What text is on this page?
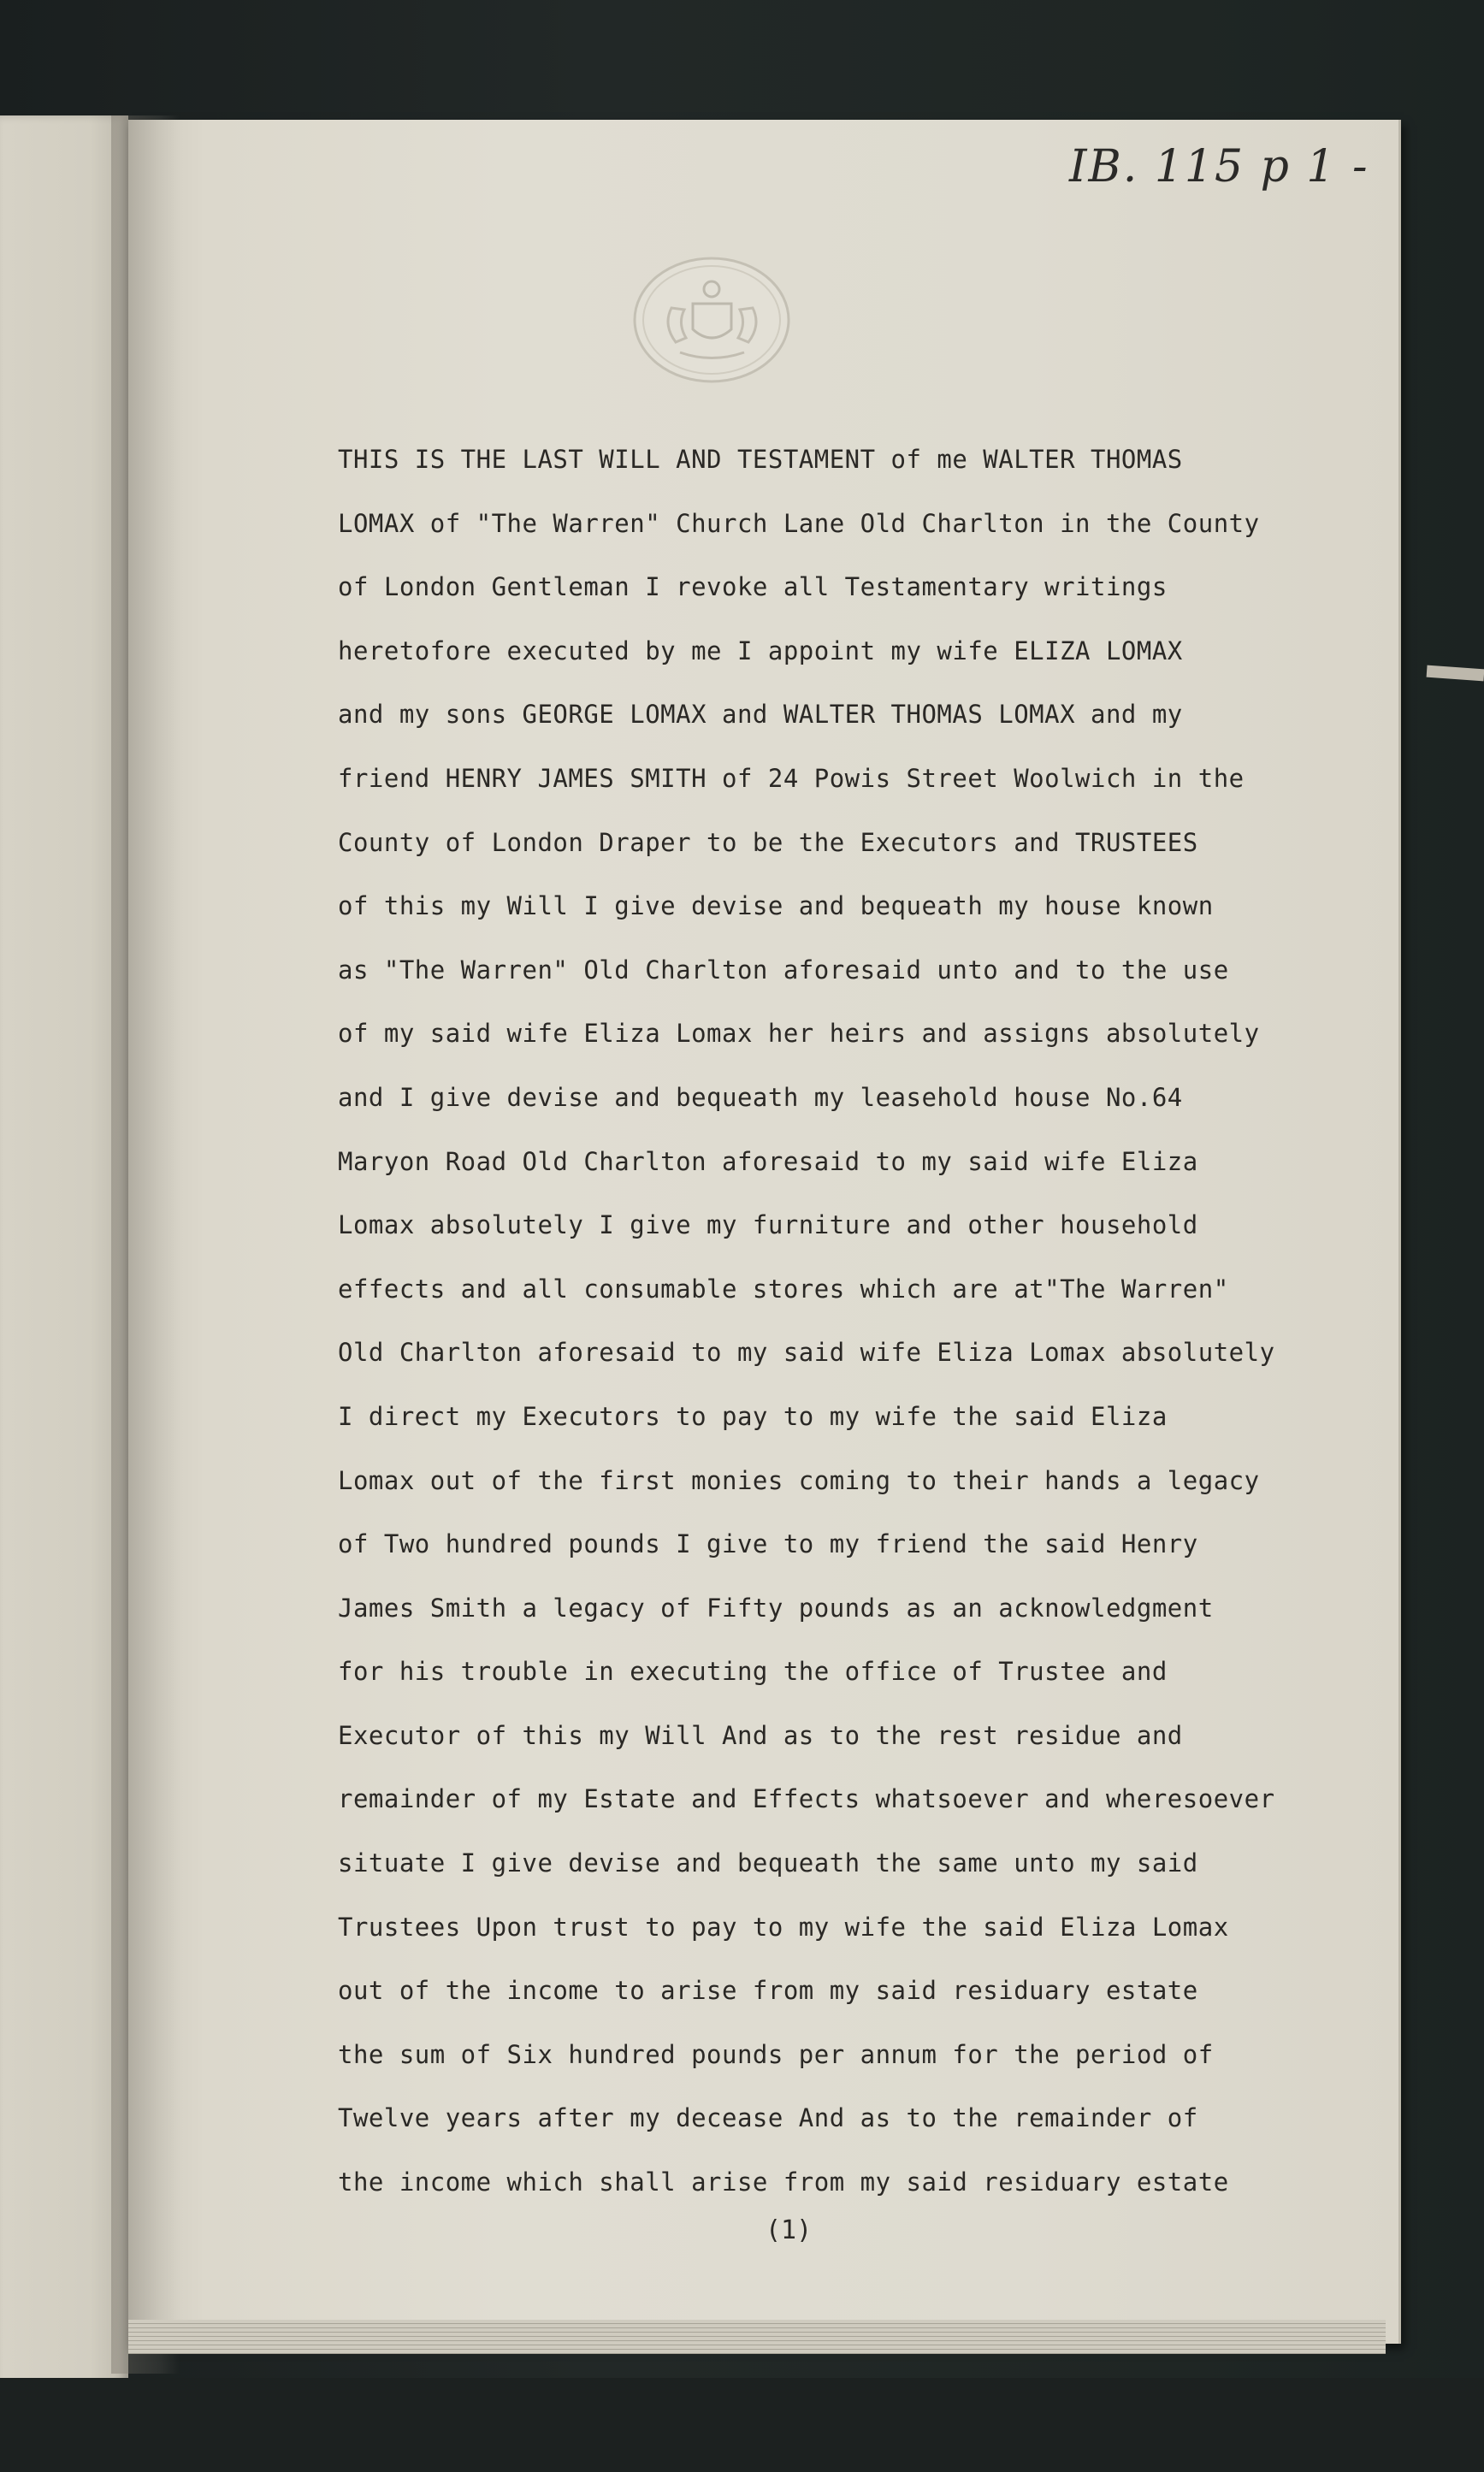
IB. 115 p 1 -
THIS IS THE LAST WILL AND TESTAMENT of me WALTER THOMAS
LOMAX of "The Warren" Church Lane Old Charlton in the County
of London Gentleman I revoke all Testamentary writings
heretofore executed by me I appoint my wife ELIZA LOMAX
and my sons GEORGE LOMAX and WALTER THOMAS LOMAX and my
friend HENRY JAMES SMITH of 24 Powis Street Woolwich in the
County of London Draper to be the Executors and TRUSTEES
of this my Will I give devise and bequeath my house known
as "The Warren" Old Charlton aforesaid unto and to the use
of my said wife Eliza Lomax her heirs and assigns absolutely
and I give devise and bequeath my leasehold house No.64
Maryon Road Old Charlton aforesaid to my said wife Eliza
Lomax absolutely I give my furniture and other household
effects and all consumable stores which are at"The Warren"
Old Charlton aforesaid to my said wife Eliza Lomax absolutely
I direct my Executors to pay to my wife the said Eliza
Lomax out of the first monies coming to their hands a legacy
of Two hundred pounds I give to my friend the said Henry
James Smith a legacy of Fifty pounds as an acknowledgment
for his trouble in executing the office of Trustee and
Executor of this my Will And as to the rest residue and
remainder of my Estate and Effects whatsoever and wheresoever
situate I give devise and bequeath the same unto my said
Trustees Upon trust to pay to my wife the said Eliza Lomax
out of the income to arise from my said residuary estate
the sum of Six hundred pounds per annum for the period of
Twelve years after my decease And as to the remainder of
the income which shall arise from my said residuary estate
(1)
